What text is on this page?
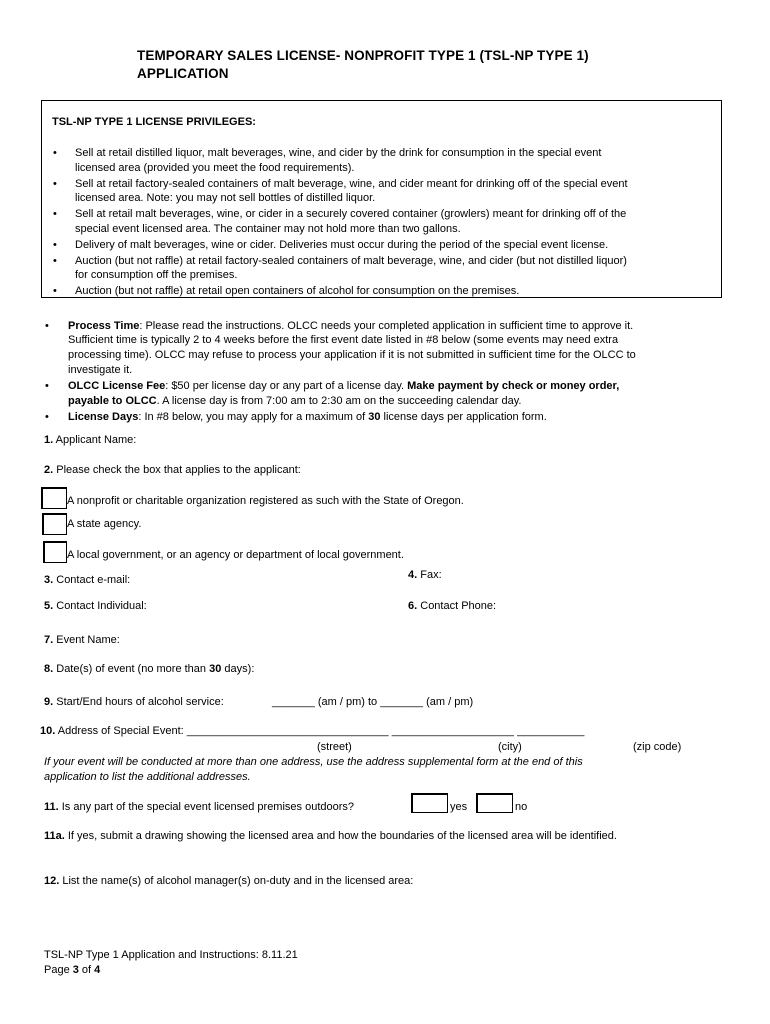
TEMPORARY SALES LICENSE- NONPROFIT TYPE 1 (TSL-NP TYPE 1)
APPLICATION
TSL-NP TYPE 1 LICENSE PRIVILEGES:
• Sell at retail distilled liquor, malt beverages, wine, and cider by the drink for consumption in the special event
licensed area (provided you meet the food requirements).
• Sell at retail factory-sealed containers of malt beverage, wine, and cider meant for drinking off of the special event
licensed area. Note: you may not sell bottles of distilled liquor.
• Sell at retail malt beverages, wine, or cider in a securely covered container (growlers) meant for drinking off of the
special event licensed area. The container may not hold more than two gallons.
• Delivery of malt beverages, wine or cider. Deliveries must occur during the period of the special event license.
• Auction (but not raffle) at retail factory-sealed containers of malt beverage, wine, and cider (but not distilled liquor)
for consumption off the premises.
• Auction (but not raffle) at retail open containers of alcohol for consumption on the premises.
• Process Time: Please read the instructions. OLCC needs your completed application in sufficient time to approve it.
Sufficient time is typically 2 to 4 weeks before the first event date listed in #8 below (some events may need extra
processing time). OLCC may refuse to process your application if it is not submitted in sufficient time for the OLCC to
investigate it.
• OLCC License Fee: $50 per license day or any part of a license day. Make payment by check or money order,
payable to OLCC. A license day is from 7:00 am to 2:30 am on the succeeding calendar day.
• License Days: In #8 below, you may apply for a maximum of 30 license days per application form.
1. Applicant Name:
2. Please check the box that applies to the applicant:
A nonprofit or charitable organization registered as such with the State of Oregon.
A state agency.
A local government, or an agency or department of local government.
3. Contact e-mail:	4. Fax:
5. Contact Individual:	6. Contact Phone:
7. Event Name:
8. Date(s) of event (no more than 30 days):
9. Start/End hours of alcohol service:	_______ (am / pm) to _______ (am / pm)
10. Address of Special Event: _________________________________ ____________________ ___________
(street)	(city)	(zip code)
If your event will be conducted at more than one address, use the address supplemental form at the end of this
application to list the additional addresses.
11. Is any part of the special event licensed premises outdoors?	yes	no
11a. If yes, submit a drawing showing the licensed area and how the boundaries of the licensed area will be identified.
12. List the name(s) of alcohol manager(s) on-duty and in the licensed area:
TSL-NP Type 1 Application and Instructions: 8.11.21
Page 3 of 4
